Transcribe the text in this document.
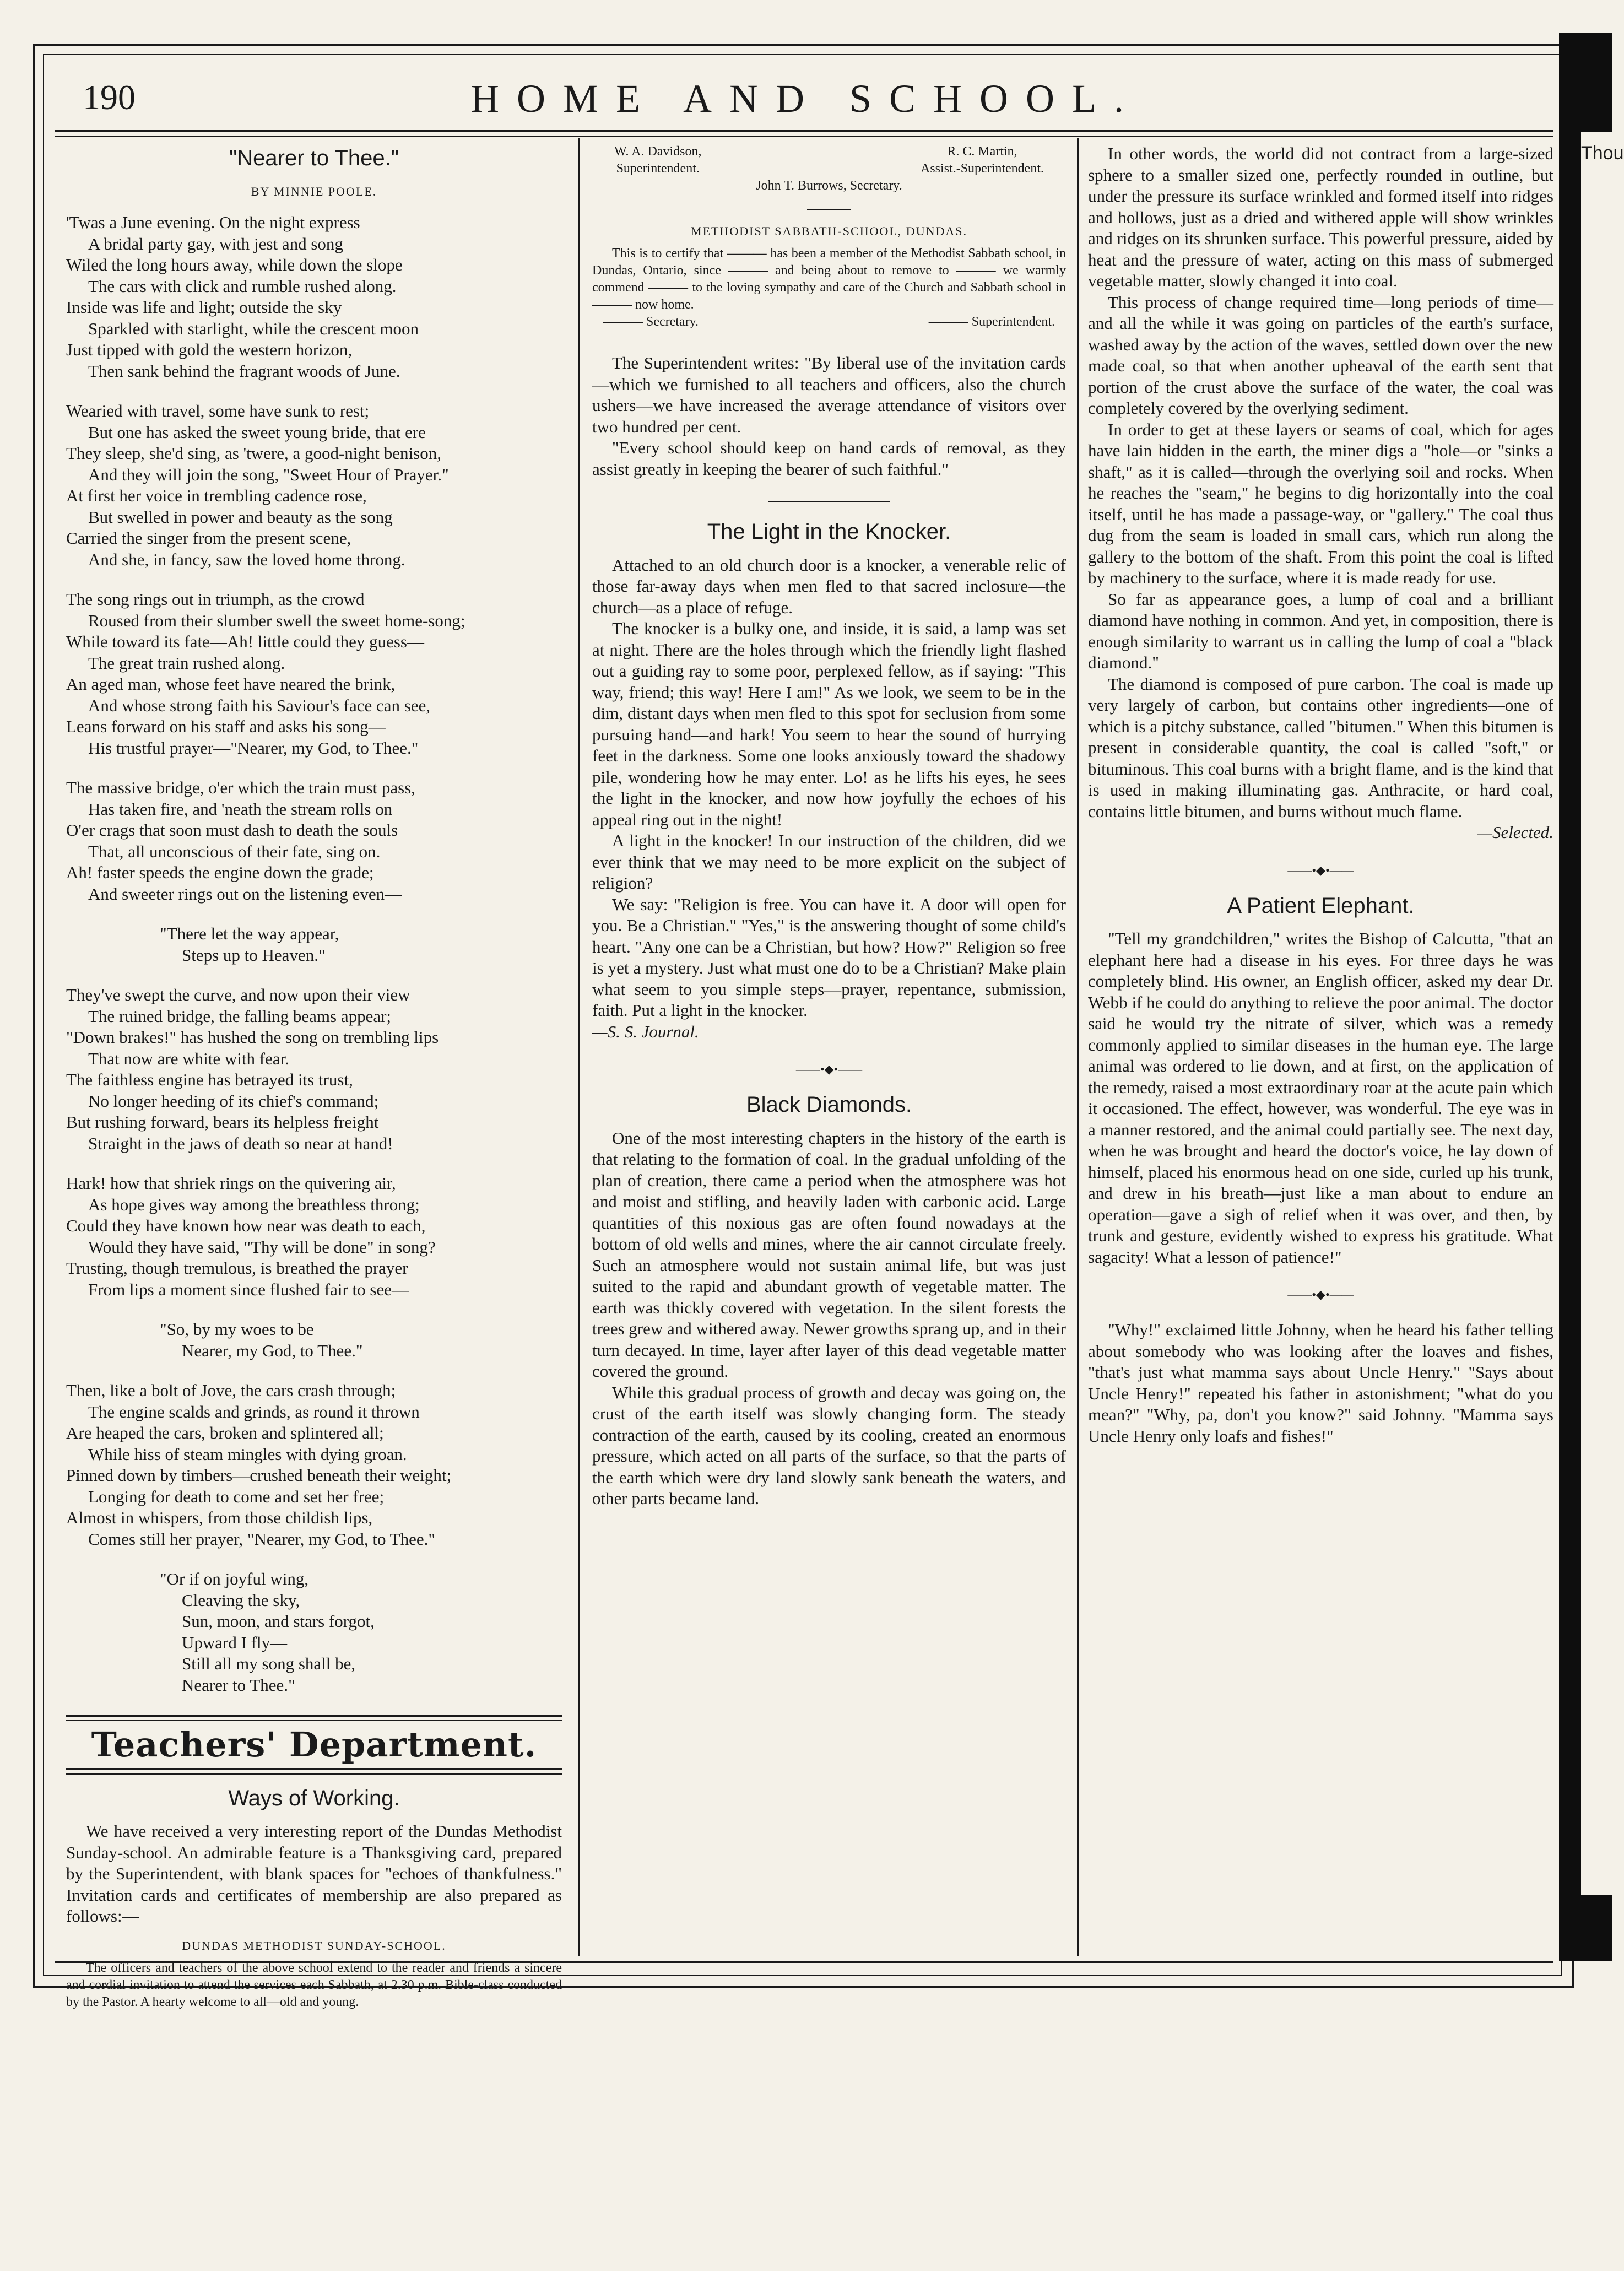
190	HOME AND SCHOOL.
"Nearer to Thee."
BY MINNIE POOLE.

'Twas a June evening. On the night express
A bridal party gay, with jest and song
Wiled the long hours away, while down the slope
The cars with click and rumble rushed along.
Inside was life and light; outside the sky
Sparkled with starlight, while the crescent moon
Just tipped with gold the western horizon,
Then sank behind the fragrant woods of June.

Wearied with travel, some have sunk to rest;
But one has asked the sweet young bride, that ere
They sleep, she'd sing, as 'twere, a good-night benison,
And they will join the song, "Sweet Hour of Prayer."
At first her voice in trembling cadence rose,
But swelled in power and beauty as the song
Carried the singer from the present scene,
And she, in fancy, saw the loved home throng.

The song rings out in triumph, as the crowd
Roused from their slumber swell the sweet home-song;
While toward its fate—Ah! little could they guess—
The great train rushed along.
An aged man, whose feet have neared the brink,
And whose strong faith his Saviour's face can see,
Leans forward on his staff and asks his song—
His trustful prayer—"Nearer, my God, to Thee."

The massive bridge, o'er which the train must pass,
Has taken fire, and 'neath the stream rolls on
O'er crags that soon must dash to death the souls
That, all unconscious of their fate, sing on.
Ah! faster speeds the engine down the grade;
And sweeter rings out on the listening even—

"There let the way appear,
Steps up to Heaven."

They've swept the curve, and now upon their view
The ruined bridge, the falling beams appear;
"Down brakes!" has hushed the song on trembling lips
That now are white with fear.
The faithless engine has betrayed its trust,
No longer heeding of its chief's command;
But rushing forward, bears its helpless freight
Straight in the jaws of death so near at hand!

Hark! how that shriek rings on the quivering air,
As hope gives way among the breathless throng;
Could they have known how near was death to each,
Would they have said, "Thy will be done" in song?
Trusting, though tremulous, is breathed the prayer
From lips a moment since flushed fair to see—

"So, by my woes to be
Nearer, my God, to Thee."

Then, like a bolt of Jove, the cars crash through;
The engine scalds and grinds, as round it thrown
Are heaped the cars, broken and splintered all;
While hiss of steam mingles with dying groan.
Pinned down by timbers—crushed beneath their weight;
Longing for death to come and set her free;
Almost in whispers, from those childish lips,
Comes still her prayer, "Nearer, my God, to Thee."

"Or if on joyful wing,
Cleaving the sky,
Sun, moon, and stars forgot,
Upward I fly—
Still all my song shall be,
Nearer to Thee."

Teachers' Department.
Ways of Working.

We have received a very interesting report of the Dundas Methodist Sunday-school. An admirable feature is a Thanksgiving card, prepared by the Superintendent, with blank spaces for "echoes of thankfulness." Invitation cards and certificates of membership are also prepared as follows:—

DUNDAS METHODIST SUNDAY-SCHOOL.

The officers and teachers of the above school extend to the reader and friends a sincere and cordial invitation to attend the services each Sabbath, at 2.30 p.m. Bible-class conducted by the Pastor. A hearty welcome to all—old and young.

W. A. Davidson,
Superintendent.
R. C. Martin,
Assist.-Superintendent.
John T. Burrows, Secretary.
METHODIST SABBATH-SCHOOL, DUNDAS.

This is to certify that ——— has been a member of the Methodist Sabbath school, in Dundas, Ontario, since ——— and being about to remove to ——— we warmly commend ——— to the loving sympathy and care of the Church and Sabbath school in ——— now home.

——— Secretary.	——— Superintendent.

The Superintendent writes: "By liberal use of the invitation cards—which we furnished to all teachers and officers, also the church ushers—we have increased the average attendance of visitors over two hundred per cent.

"Every school should keep on hand cards of removal, as they assist greatly in keeping the bearer of such faithful."

The Light in the Knocker.

Attached to an old church door is a knocker, a venerable relic of those far-away days when men fled to that sacred inclosure—the church—as a place of refuge.

The knocker is a bulky one, and inside, it is said, a lamp was set at night. There are the holes through which the friendly light flashed out a guiding ray to some poor, perplexed fellow, as if saying: "This way, friend; this way! Here I am!" As we look, we seem to be in the dim, distant days when men fled to this spot for seclusion from some pursuing hand—and hark! You seem to hear the sound of hurrying feet in the darkness. Some one looks anxiously toward the shadowy pile, wondering how he may enter. Lo! as he lifts his eyes, he sees the light in the knocker, and now how joyfully the echoes of his appeal ring out in the night!

A light in the knocker! In our instruction of the children, did we ever think that we may need to be more explicit on the subject of religion?

We say: "Religion is free. You can have it. A door will open for you. Be a Christian." "Yes," is the answering thought of some child's heart. "Any one can be a Christian, but how? How?" Religion so free is yet a mystery. Just what must one do to be a Christian? Make plain what seem to you simple steps—prayer, repentance, submission, faith. Put a light in the knocker.

—S. S. Journal.

——•◆•——
Black Diamonds.

One of the most interesting chapters in the history of the earth is that relating to the formation of coal. In the gradual unfolding of the plan of creation, there came a period when the atmosphere was hot and moist and stifling, and heavily laden with carbonic acid. Large quantities of this noxious gas are often found nowadays at the bottom of old wells and mines, where the air cannot circulate freely. Such an atmosphere would not sustain animal life, but was just suited to the rapid and abundant growth of vegetable matter. The earth was thickly covered with vegetation. In the silent forests the trees grew and withered away. Newer growths sprang up, and in their turn decayed. In time, layer after layer of this dead vegetable matter covered the ground.

While this gradual process of growth and decay was going on, the crust of the earth itself was slowly changing form. The steady contraction of the earth, caused by its cooling, created an enormous pressure, which acted on all parts of the surface, so that the parts of the earth which were dry land slowly sank beneath the waters, and other parts became land.

In other words, the world did not contract from a large-sized sphere to a smaller sized one, perfectly rounded in outline, but under the pressure its surface wrinkled and formed itself into ridges and hollows, just as a dried and withered apple will show wrinkles and ridges on its shrunken surface. This powerful pressure, aided by heat and the pressure of water, acting on this mass of submerged vegetable matter, slowly changed it into coal.

This process of change required time—long periods of time—and all the while it was going on particles of the earth's surface, washed away by the action of the waves, settled down over the new made coal, so that when another upheaval of the earth sent that portion of the crust above the surface of the water, the coal was completely covered by the overlying sediment.

In order to get at these layers or seams of coal, which for ages have lain hidden in the earth, the miner digs a "hole—or "sinks a shaft," as it is called—through the overlying soil and rocks. When he reaches the "seam," he begins to dig horizontally into the coal itself, until he has made a passage-way, or "gallery." The coal thus dug from the seam is loaded in small cars, which run along the gallery to the bottom of the shaft. From this point the coal is lifted by machinery to the surface, where it is made ready for use.

So far as appearance goes, a lump of coal and a brilliant diamond have nothing in common. And yet, in composition, there is enough similarity to warrant us in calling the lump of coal a "black diamond."

The diamond is composed of pure carbon. The coal is made up very largely of carbon, but contains other ingredients—one of which is a pitchy substance, called "bitumen." When this bitumen is present in considerable quantity, the coal is called "soft," or bituminous. This coal burns with a bright flame, and is the kind that is used in making illuminating gas. Anthracite, or hard coal, contains little bitumen, and burns without much flame.

—Selected.

——•◆•——
A Patient Elephant.

"Tell my grandchildren," writes the Bishop of Calcutta, "that an elephant here had a disease in his eyes. For three days he was completely blind. His owner, an English officer, asked my dear Dr. Webb if he could do anything to relieve the poor animal. The doctor said he would try the nitrate of silver, which was a remedy commonly applied to similar diseases in the human eye. The large animal was ordered to lie down, and at first, on the application of the remedy, raised a most extraordinary roar at the acute pain which it occasioned. The effect, however, was wonderful. The eye was in a manner restored, and the animal could partially see. The next day, when he was brought and heard the doctor's voice, he lay down of himself, placed his enormous head on one side, curled up his trunk, and drew in his breath—just like a man about to endure an operation—gave a sigh of relief when it was over, and then, by trunk and gesture, evidently wished to express his gratitude. What sagacity! What a lesson of patience!"

——•◆•——

"Why!" exclaimed little Johnny, when he heard his father telling about somebody who was looking after the loaves and fishes, "that's just what mamma says about Uncle Henry." "Says about Uncle Henry!" repeated his father in astonishment; "what do you mean?" "Why, pa, don't you know?" said Johnny. "Mamma says Uncle Henry only loafs and fishes!"

Thou
